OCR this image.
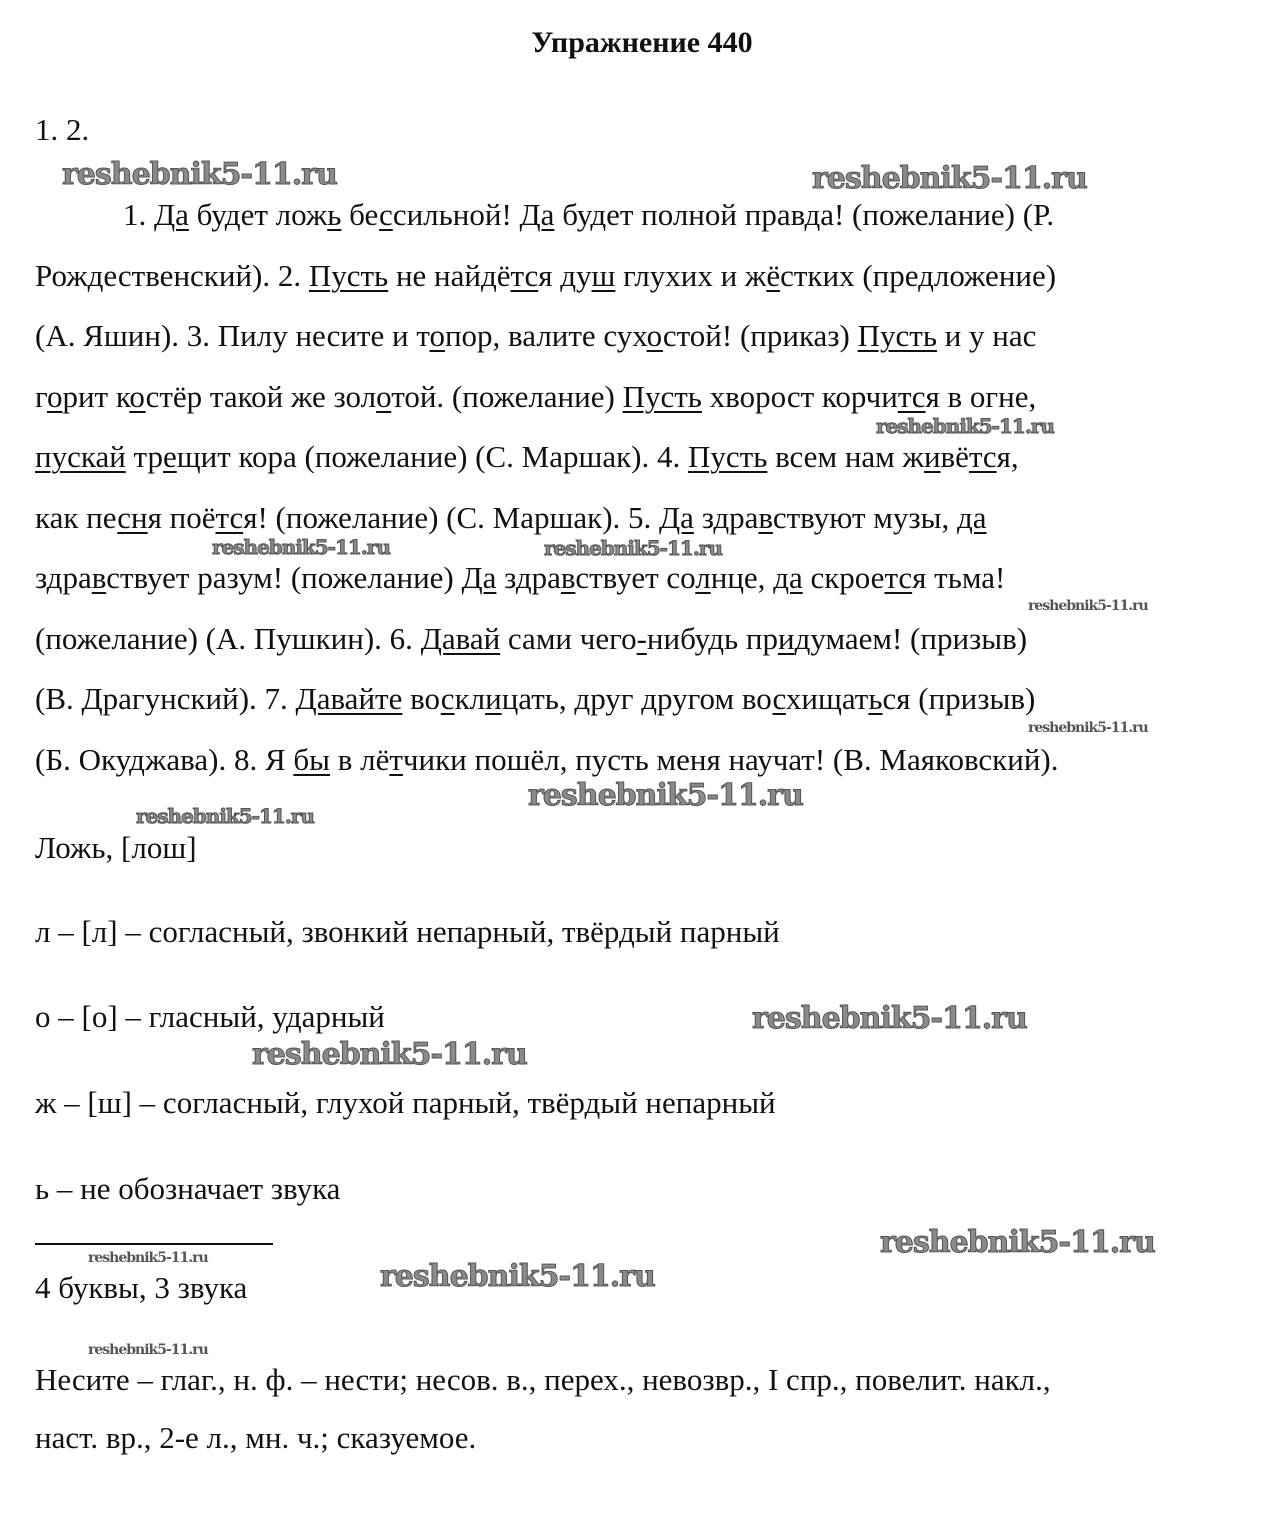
Упражнение 440
1. 2.
1. Да будет ложь бессильной! Да будет полной правда! (пожелание) (Р.
Рождественский). 2. Пусть не найдётся душ глухих и жёстких (предложение)
(А. Яшин). 3. Пилу несите и топор, валите сухостой! (приказ) Пусть и у нас
горит костёр такой же золотой. (пожелание) Пусть хворост корчится в огне,
пускай трещит кора (пожелание) (С. Маршак). 4. Пусть всем нам живётся,
как песня поётся! (пожелание) (С. Маршак). 5. Да здравствуют музы, да
здравствует разум! (пожелание) Да здравствует солнце, да скроется тьма!
(пожелание) (А. Пушкин). 6. Давай сами чего-нибудь придумаем! (призыв)
(В. Драгунский). 7. Давайте восклицать, друг другом восхищаться (призыв)
(Б. Окуджава). 8. Я бы в лётчики пошёл, пусть меня научат! (В. Маяковский).
Ложь, [лош]
л – [л] – согласный, звонкий непарный, твёрдый парный
о – [о] – гласный, ударный
ж – [ш] – согласный, глухой парный, твёрдый непарный
ь – не обозначает звука
4 буквы, 3 звука
Несите – глаг., н. ф. – нести; несов. в., перех., невозвр., I спр., повелит. накл.,
наст. вр., 2-е л., мн. ч.; сказуемое.
reshebnik5-11.ru	reshebnik5-11.ru
reshebnik5-11.ru
reshebnik5-11.ru	reshebnik5-11.ru
reshebnik5-11.ru
reshebnik5-11.ru
reshebnik5-11.ru
reshebnik5-11.ru
reshebnik5-11.ru
reshebnik5-11.ru
reshebnik5-11.ru
reshebnik5-11.ru
reshebnik5-11.ru
reshebnik5-11.ru
